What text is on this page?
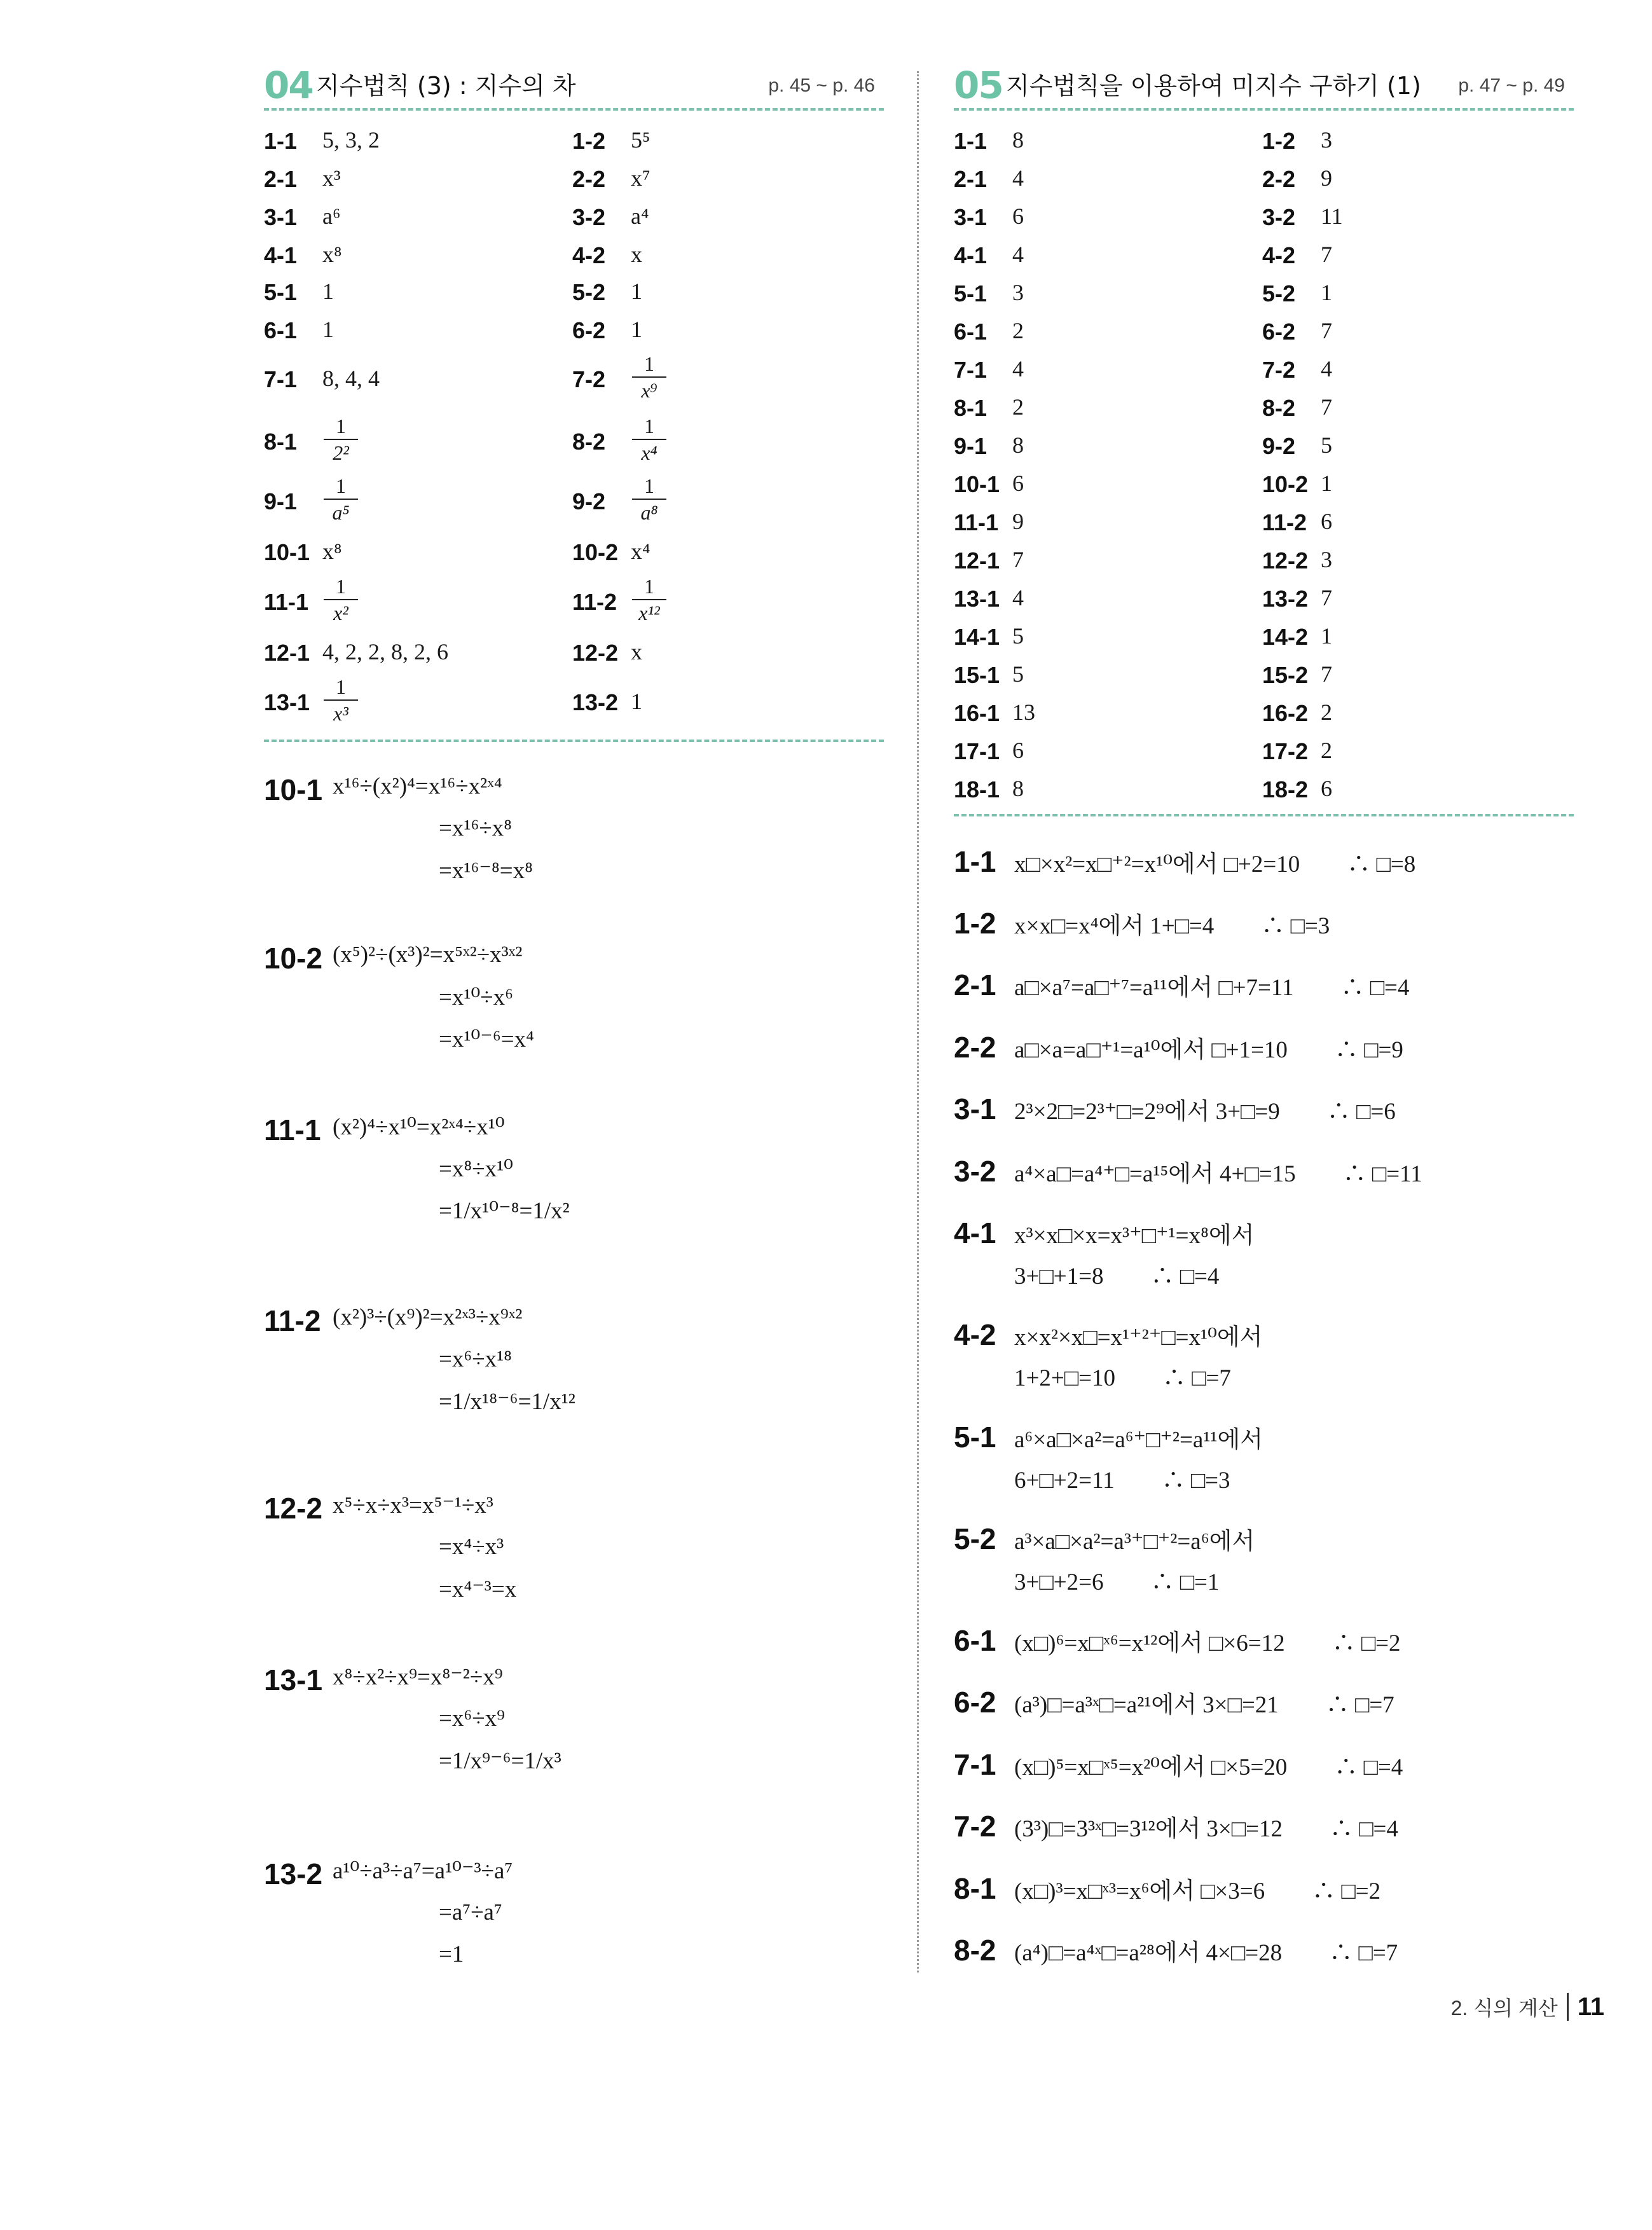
04 지수법칙 (3) : 지수의 차	p. 45 ~ p. 46 05 지수법칙을 이용하여 미지수 구하기 (1) p. 47 ~ p. 49
1-1 5, 3, 2
2-1 x³
3-1 a⁶
4-1 x⁸
5-1 1
6-1 1
7-1 8, 4, 4
$8-1 \frac{1}{\text{2²}}$
$9-1 \frac{1}{\text{a⁵}}$
10-1 x⁸
$11-1 \frac{1}{\text{x²}}$
12-1 4, 2, 2, 8, 2, 6
$13-1 \frac{1}{\text{x³}}$
1-2 5⁵
2-2 x⁷
3-2 a⁴
4-2 x
5-2 1
6-2 1
$7-2 \frac{1}{\text{x⁹}}$
$8-2 \frac{1}{\text{x⁴}}$
$9-2 \frac{1}{\text{a⁸}}$
10-2 x⁴
$11-2 \frac{1}{\text{x¹²}}$
12-2 x
13-2 1
10-1 x¹⁶÷(x²)⁴=x¹⁶÷x²ˣ⁴
=x¹⁶÷x⁸
=x¹⁶⁻⁸=x⁸
10-2 (x⁵)²÷(x³)²=x⁵ˣ²÷x³ˣ²
=x¹⁰÷x⁶
=x¹⁰⁻⁶=x⁴
11-1 (x²)⁴÷x¹⁰=x²ˣ⁴÷x¹⁰
=x⁸÷x¹⁰
=1/x¹⁰⁻⁸=1/x²
11-2 (x²)³÷(x⁹)²=x²ˣ³÷x⁹ˣ²
=x⁶÷x¹⁸
=1/x¹⁸⁻⁶=1/x¹²
12-2 x⁵÷x÷x³=x⁵⁻¹÷x³
=x⁴÷x³
=x⁴⁻³=x
13-1 x⁸÷x²÷x⁹=x⁸⁻²÷x⁹
=x⁶÷x⁹
=1/x⁹⁻⁶=1/x³
13-2 a¹⁰÷a³÷a⁷=a¹⁰⁻³÷a⁷
=a⁷÷a⁷
=1
1-1 8
2-1 4
3-1 6
4-1 4
5-1 3
6-1 2
7-1 4
8-1 2
9-1 8
10-1 6
11-1 9
12-1 7
13-1 4
14-1 5
15-1 5
16-1 13
17-1 6
18-1 8
1-2 3
2-2 9
3-2 11
4-2 7
5-2 1
6-2 7
7-2 4
8-2 7
9-2 5
10-2 1
11-2 6
12-2 3
13-2 7
14-2 1
15-2 7
16-2 2
17-2 2
18-2 6
1-1 x□×x²=x□⁺²=x¹⁰에서 □+2=10　　∴ □=8
1-2 x×x□=x⁴에서 1+□=4　　∴ □=3
2-1 a□×a⁷=a□⁺⁷=a¹¹에서 □+7=11　　∴ □=4
2-2 a□×a=a□⁺¹=a¹⁰에서 □+1=10　　∴ □=9
3-1 2³×2□=2³⁺□=2⁹에서 3+□=9　　∴ □=6
3-2 a⁴×a□=a⁴⁺□=a¹⁵에서 4+□=15　　∴ □=11
4-1 x³×x□×x=x³⁺□⁺¹=x⁸에서
3+□+1=8　　∴ □=4
4-2 x×x²×x□=x¹⁺²⁺□=x¹⁰에서
1+2+□=10　　∴ □=7
5-1 a⁶×a□×a²=a⁶⁺□⁺²=a¹¹에서
6+□+2=11　　∴ □=3
5-2 a³×a□×a²=a³⁺□⁺²=a⁶에서
3+□+2=6　　∴ □=1
6-1 (x□)⁶=x□ˣ⁶=x¹²에서 □×6=12　　∴ □=2
6-2 (a³)□=a³ˣ□=a²¹에서 3×□=21　　∴ □=7
7-1 (x□)⁵=x□ˣ⁵=x²⁰에서 □×5=20　　∴ □=4
7-2 (3³)□=3³ˣ□=3¹²에서 3×□=12　　∴ □=4
8-1 (x□)³=x□ˣ³=x⁶에서 □×3=6　　∴ □=2
8-2 (a⁴)□=a⁴ˣ□=a²⁸에서 4×□=28　　∴ □=7
2. 식의 계산 11
